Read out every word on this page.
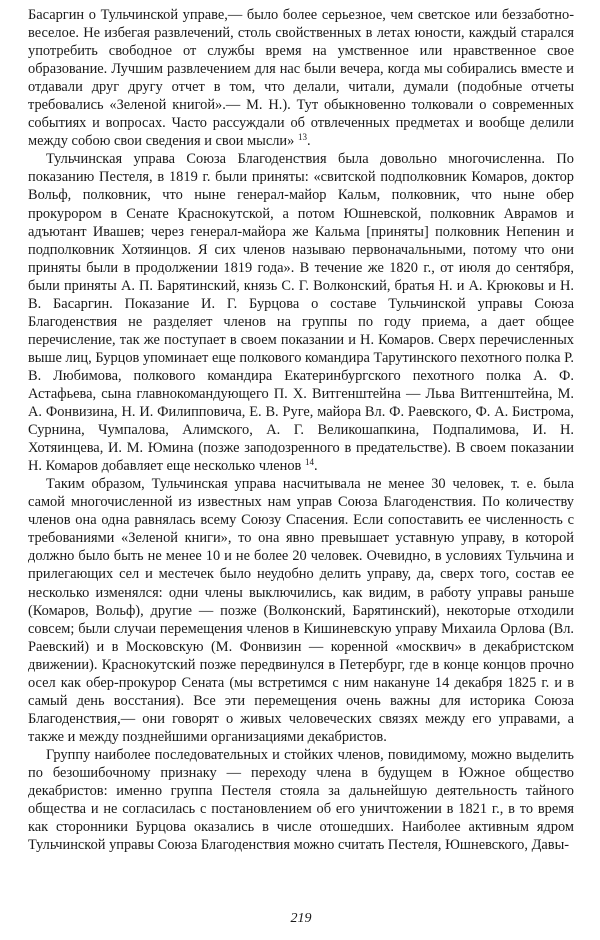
Басаргин о Тульчинской управе,— было более серьезное, чем светское или беззаботно-веселое. Не избегая развлечений, столь свойственных в летах юности, каждый старался употребить свободное от службы время на умственное или нравственное свое образование. Лучшим развлечением для нас были вечера, когда мы собирались вместе и отдавали друг другу отчет в том, что делали, читали, думали (подобные отчеты требовались «Зеленой книгой».— М. Н.). Тут обыкновенно толковали о современных событиях и вопросах. Часто рассуждали об отвлеченных предметах и вообще делили между собою свои сведения и свои мысли» $^{13}$.

Тульчинская управа Союза Благоденствия была довольно многочисленна. По показанию Пестеля, в 1819 г. были приняты: «свитской подполковник Комаров, доктор Вольф, полковник, что ныне генерал-майор Кальм, полковник, что ныне обер прокурором в Сенате Краснокутской, а потом Юшневской, полковник Аврамов и адъютант Ивашев; через генерал-майора же Кальма [приняты] полковник Непенин и подполковник Хотяинцов. Я сих членов называю первоначальными, потому что они приняты были в продолжении 1819 года». В течение же 1820 г., от июля до сентября, были приняты А. П. Барятинский, князь С. Г. Волконский, братья Н. и А. Крюковы и Н. В. Басаргин. Показание И. Г. Бурцова о составе Тульчинской управы Союза Благоденствия не разделяет членов на группы по году приема, а дает общее перечисление, так же поступает в своем показании и Н. Комаров. Сверх перечисленных выше лиц, Бурцов упоминает еще полкового командира Тарутинского пехотного полка Р. В. Любимова, полкового командира Екатеринбургского пехотного полка А. Ф. Астафьева, сына главнокомандующего П. Х. Витгенштейна — Льва Витгенштейна, М. А. Фонвизина, Н. И. Филипповича, Е. В. Руге, майора Вл. Ф. Раевского, Ф. А. Бистрома, Сурнина, Чумпалова, Алимского, А. Г. Великошапкина, Подпалимова, И. Н. Хотяинцева, И. М. Юмина (позже заподозренного в предательстве). В своем показании Н. Комаров добавляет еще несколько членов $^{14}$.

Таким образом, Тульчинская управа насчитывала не менее 30 человек, т. е. была самой многочисленной из известных нам управ Союза Благоденствия. По количеству членов она одна равнялась всему Союзу Спасения. Если сопоставить ее численность с требованиями «Зеленой книги», то она явно превышает уставную управу, в которой должно было быть не менее 10 и не более 20 человек. Очевидно, в условиях Тульчина и прилегающих сел и местечек было неудобно делить управу, да, сверх того, состав ее несколько изменялся: одни члены выключились, как видим, в работу управы раньше (Комаров, Вольф), другие — позже (Волконский, Барятинский), некоторые отходили совсем; были случаи перемещения членов в Кишиневскую управу Михаила Орлова (Вл. Раевский) и в Московскую (М. Фонвизин — коренной «москвич» в декабристском движении). Краснокутский позже передвинулся в Петербург, где в конце концов прочно осел как обер-прокурор Сената (мы встретимся с ним накануне 14 декабря 1825 г. и в самый день восстания). Все эти перемещения очень важны для историка Союза Благоденствия,— они говорят о живых человеческих связях между его управами, а также и между позднейшими организациями декабристов.

Группу наиболее последовательных и стойких членов, повидимому, можно выделить по безошибочному признаку — переходу члена в будущем в Южное общество декабристов: именно группа Пестеля стояла за дальнейшую деятельность тайного общества и не согласилась с постановлением об его уничтожении в 1821 г., в то время как сторонники Бурцова оказались в числе отошедших. Наиболее активным ядром Тульчинской управы Союза Благоденствия можно считать Пестеля, Юшневского, Давы-

219
